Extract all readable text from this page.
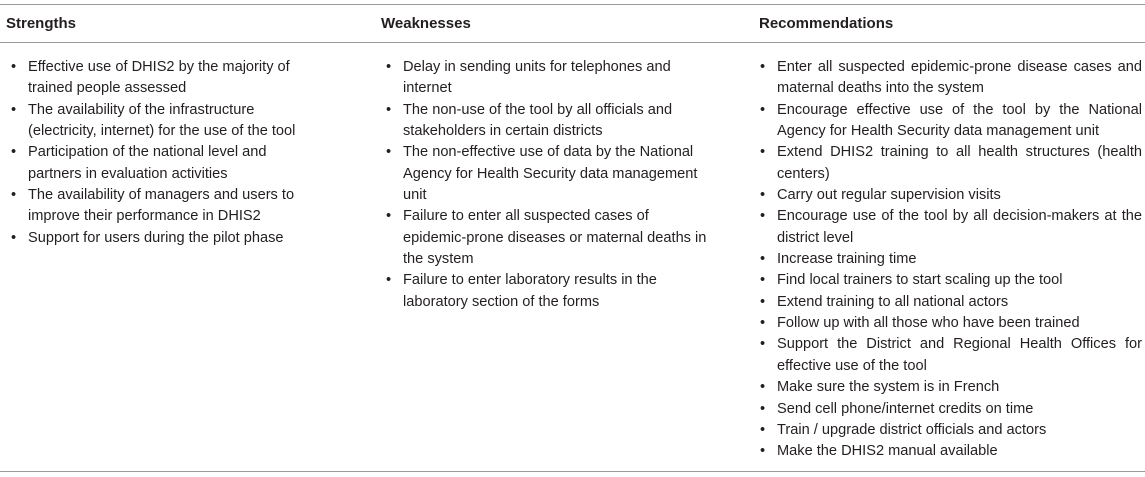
Strengths	Weaknesses	Recommendations
• Effective use of DHIS2 by the majority of trained people assessed
• The availability of the infrastructure (electricity, internet) for the use of the tool
• Participation of the national level and partners in evaluation activities
• The availability of managers and users to improve their performance in DHIS2
• Support for users during the pilot phase
• Delay in sending units for telephones and internet
• The non-use of the tool by all officials and stakeholders in certain districts
• The non-effective use of data by the National Agency for Health Security data management unit
• Failure to enter all suspected cases of epidemic-prone diseases or maternal deaths in the system
• Failure to enter laboratory results in the laboratory section of the forms
• Enter all suspected epidemic-prone disease cases and maternal deaths into the system
• Encourage effective use of the tool by the National Agency for Health Security data management unit
• Extend DHIS2 training to all health structures (health centers)
• Carry out regular supervision visits
• Encourage use of the tool by all decision-makers at the district level
• Increase training time
• Find local trainers to start scaling up the tool
• Extend training to all national actors
• Follow up with all those who have been trained
• Support the District and Regional Health Offices for effective use of the tool
• Make sure the system is in French
• Send cell phone/internet credits on time
• Train / upgrade district officials and actors
• Make the DHIS2 manual available
